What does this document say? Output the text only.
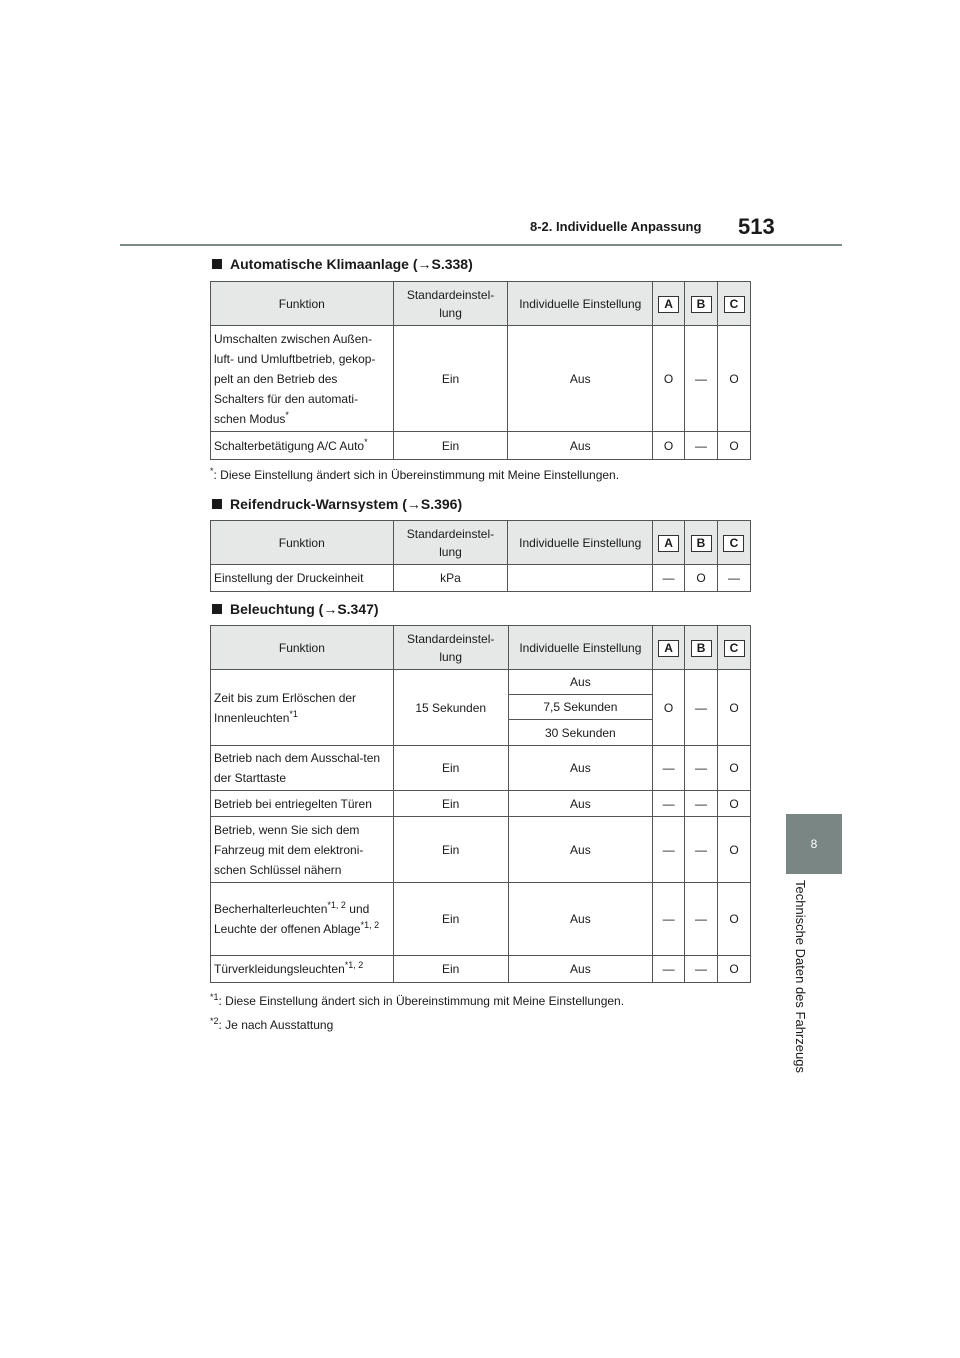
8-2. Individuelle Anpassung 513
8
Technische Daten des Fahrzeugs
Automatische Klimaanlage (→S.338)
Funktion	Standardeinstel-lung	Individuelle Einstellung	A	B	C
Umschalten zwischen Außen-luft- und Umluftbetrieb, gekop-pelt an den Betrieb des Schalters für den automati-schen Modus*	Ein	Aus	O	—	O
Schalterbetätigung A/C Auto*	Ein	Aus	O	—	O
*: Diese Einstellung ändert sich in Übereinstimmung mit Meine Einstellungen.
Reifendruck-Warnsystem (→S.396)
Funktion	Standardeinstel-lung	Individuelle Einstellung	A	B	C
Einstellung der Druckeinheit	kPa		—	O	—
Beleuchtung (→S.347)
Funktion	Standardeinstel-lung	Individuelle Einstellung	A	B	C
Zeit bis zum Erlöschen der Innenleuchten$^{*1}$	15 Sekunden	Aus	O	—	O
		7,5 Sekunden			
		30 Sekunden			
Betrieb nach dem Ausschal-ten der Starttaste	Ein	Aus	—	—	O
Betrieb bei entriegelten Türen	Ein	Aus	—	—	O
Betrieb, wenn Sie sich dem Fahrzeug mit dem elektroni-schen Schlüssel nähern	Ein	Aus	—	—	O
Becherhalterleuchten$^{*1, 2}$ und Leuchte der offenen Ablage$^{*1, 2}$	Ein	Aus	—	—	O
Türverkleidungsleuchten$^{*1, 2}$	Ein	Aus	—	—	O
$^{*1}$: Diese Einstellung ändert sich in Übereinstimmung mit Meine Einstellungen.
$^{*2}$: Je nach Ausstattung
